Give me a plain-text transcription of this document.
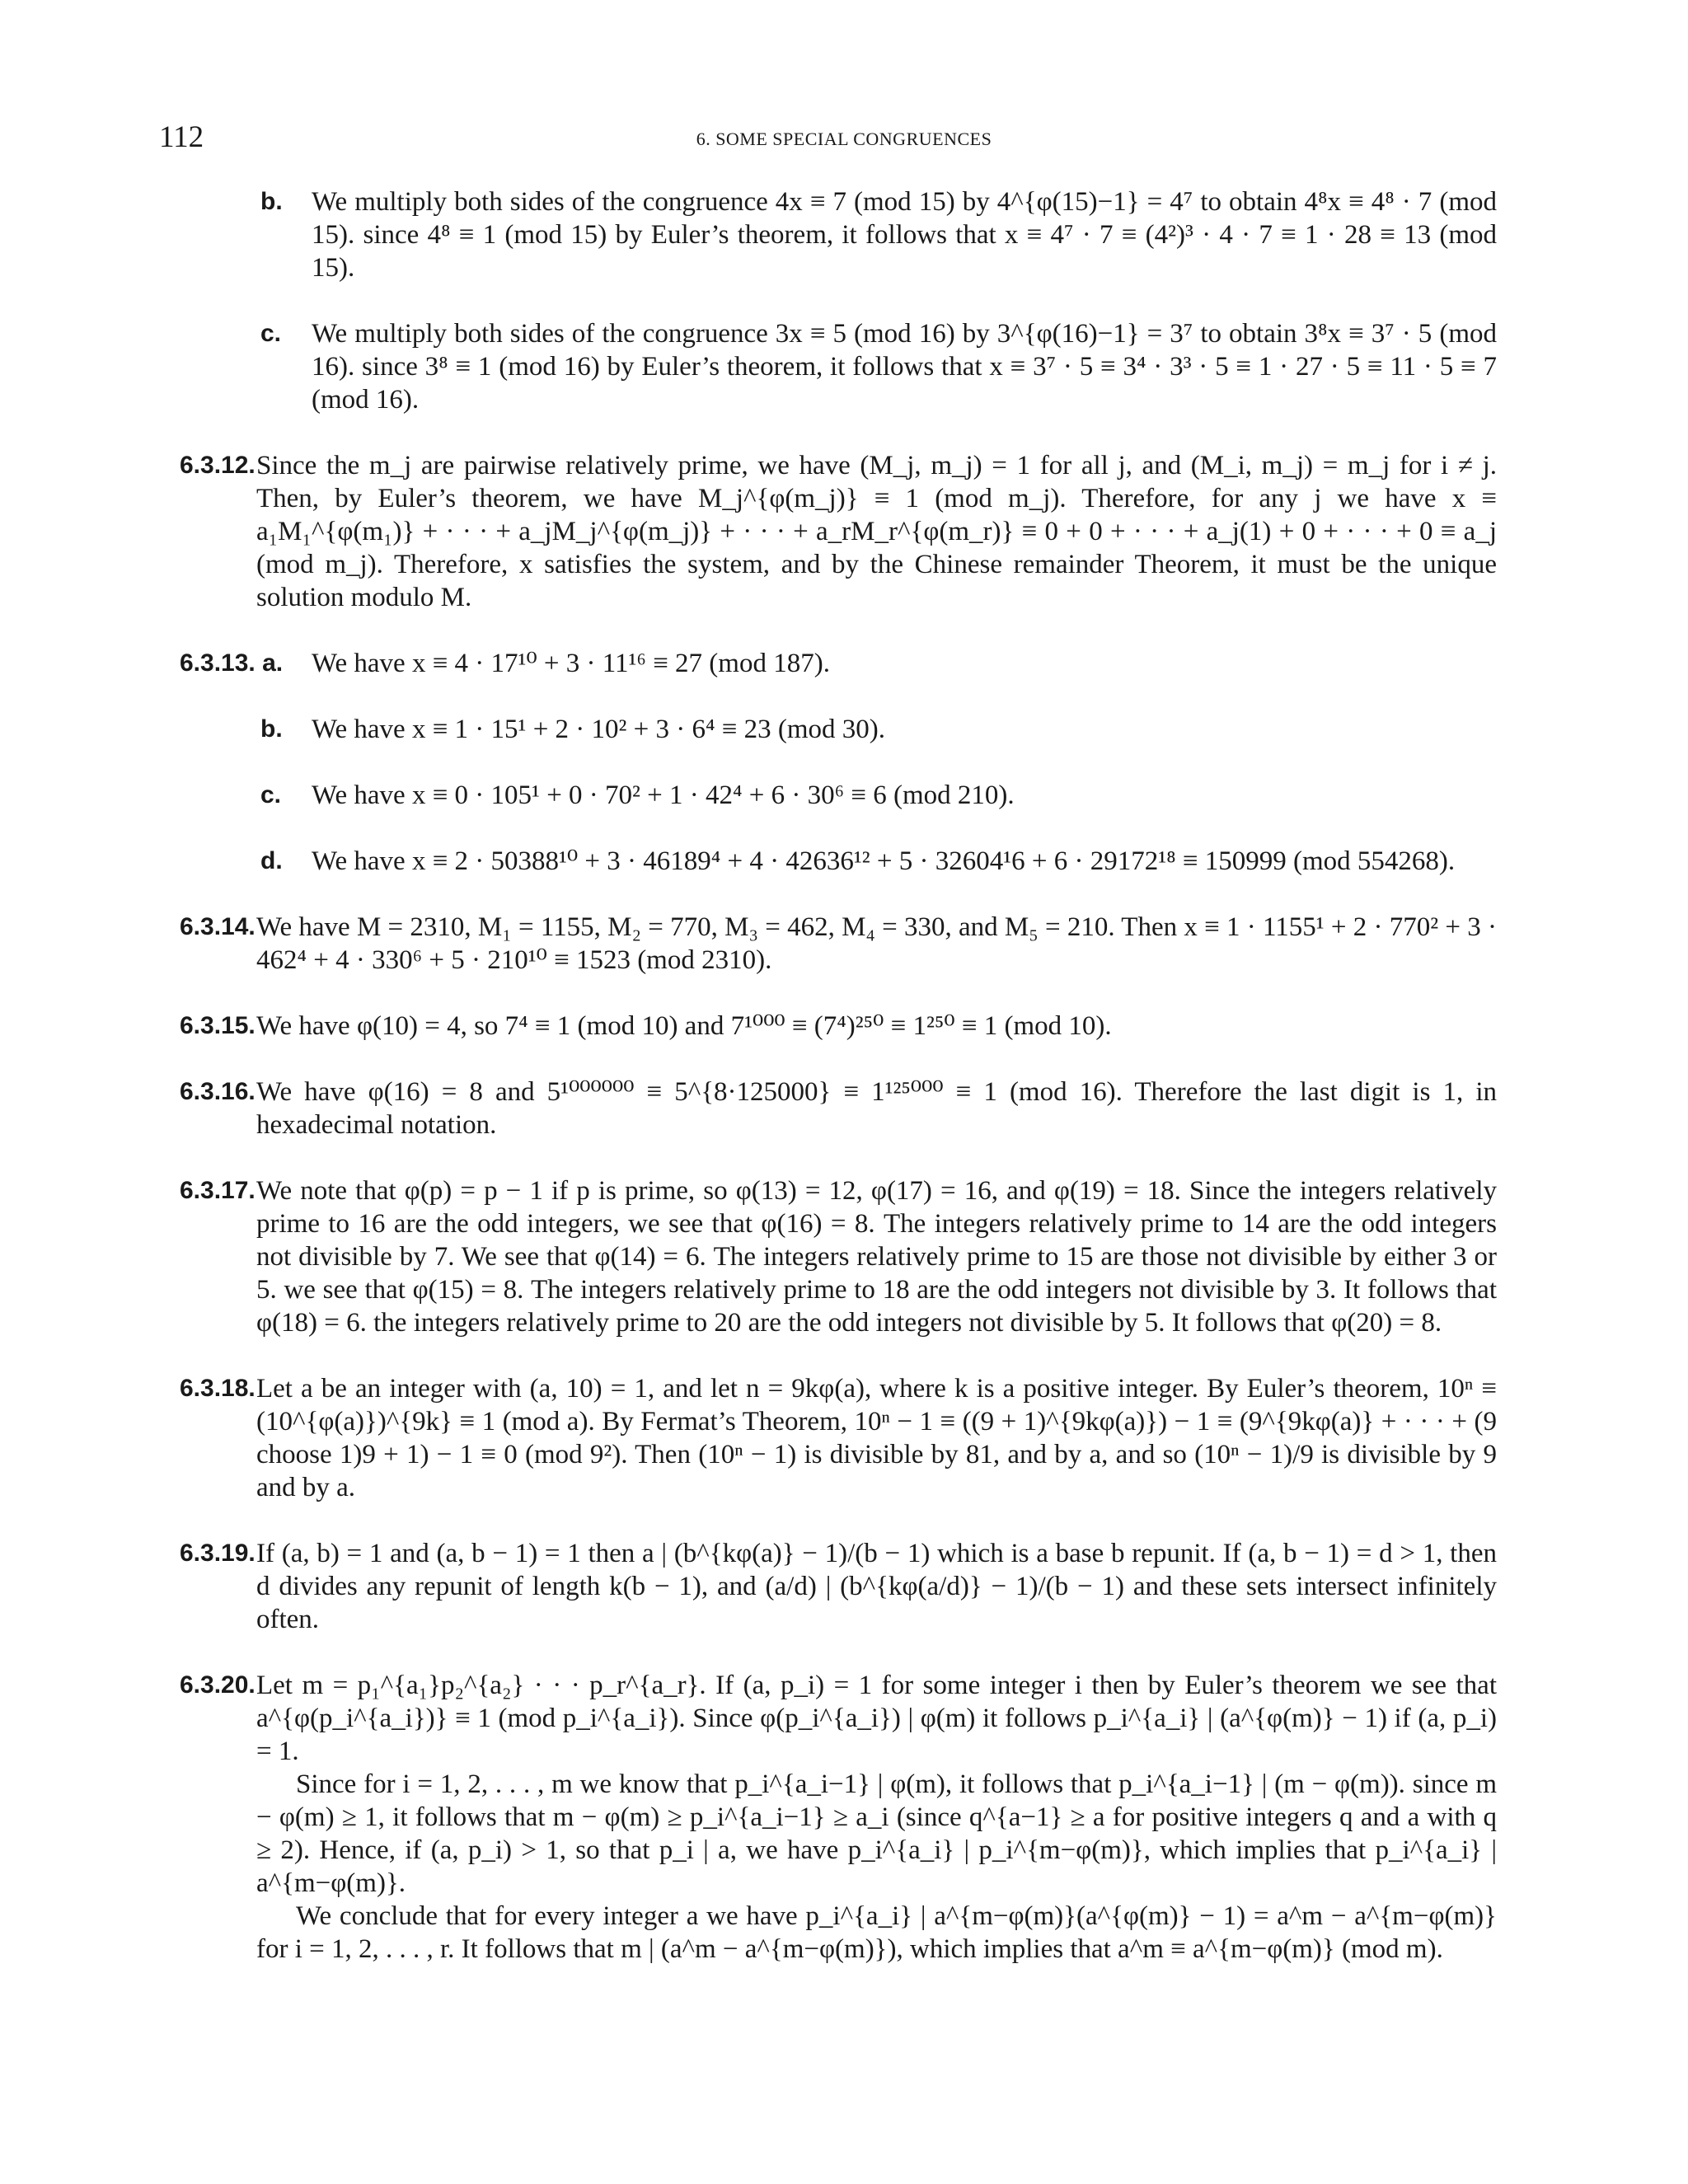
112	6. SOME SPECIAL CONGRUENCES
b. We multiply both sides of the congruence 4x ≡ 7 (mod 15) by 4^{φ(15)−1} = 4⁷ to obtain 4⁸x ≡ 4⁸ · 7 (mod 15). since 4⁸ ≡ 1 (mod 15) by Euler’s theorem, it follows that x ≡ 4⁷ · 7 ≡ (4²)³ · 4 · 7 ≡ 1 · 28 ≡ 13 (mod 15).
c. We multiply both sides of the congruence 3x ≡ 5 (mod 16) by 3^{φ(16)−1} = 3⁷ to obtain 3⁸x ≡ 3⁷ · 5 (mod 16). since 3⁸ ≡ 1 (mod 16) by Euler’s theorem, it follows that x ≡ 3⁷ · 5 ≡ 3⁴ · 3³ · 5 ≡ 1 · 27 · 5 ≡ 11 · 5 ≡ 7 (mod 16).
6.3.12. Since the m_j are pairwise relatively prime, we have (M_j, m_j) = 1 for all j, and (M_i, m_j) = m_j for i ≠ j. Then, by Euler’s theorem, we have M_j^{φ(m_j)} ≡ 1 (mod m_j). Therefore, for any j we have x ≡ a₁M₁^{φ(m₁)} + · · · + a_jM_j^{φ(m_j)} + · · · + a_rM_r^{φ(m_r)} ≡ 0 + 0 + · · · + a_j(1) + 0 + · · · + 0 ≡ a_j (mod m_j). Therefore, x satisfies the system, and by the Chinese remainder Theorem, it must be the unique solution modulo M.
6.3.13. a. We have x ≡ 4 · 17¹⁰ + 3 · 11¹⁶ ≡ 27 (mod 187).
b. We have x ≡ 1 · 15¹ + 2 · 10² + 3 · 6⁴ ≡ 23 (mod 30).
c. We have x ≡ 0 · 105¹ + 0 · 70² + 1 · 42⁴ + 6 · 30⁶ ≡ 6 (mod 210).
d. We have x ≡ 2 · 50388¹⁰ + 3 · 46189⁴ + 4 · 42636¹² + 5 · 32604¹6 + 6 · 29172¹⁸ ≡ 150999 (mod 554268).
6.3.14. We have M = 2310, M₁ = 1155, M₂ = 770, M₃ = 462, M₄ = 330, and M₅ = 210. Then x ≡ 1 · 1155¹ + 2 · 770² + 3 · 462⁴ + 4 · 330⁶ + 5 · 210¹⁰ ≡ 1523 (mod 2310).
6.3.15. We have φ(10) = 4, so 7⁴ ≡ 1 (mod 10) and 7¹⁰⁰⁰ ≡ (7⁴)²⁵⁰ ≡ 1²⁵⁰ ≡ 1 (mod 10).
6.3.16. We have φ(16) = 8 and 5¹⁰⁰⁰⁰⁰⁰ ≡ 5^{8·125000} ≡ 1¹²⁵⁰⁰⁰ ≡ 1 (mod 16). Therefore the last digit is 1, in hexadecimal notation.
6.3.17. We note that φ(p) = p − 1 if p is prime, so φ(13) = 12, φ(17) = 16, and φ(19) = 18. Since the integers relatively prime to 16 are the odd integers, we see that φ(16) = 8. The integers relatively prime to 14 are the odd integers not divisible by 7. We see that φ(14) = 6. The integers relatively prime to 15 are those not divisible by either 3 or 5. we see that φ(15) = 8. The integers relatively prime to 18 are the odd integers not divisible by 3. It follows that φ(18) = 6. the integers relatively prime to 20 are the odd integers not divisible by 5. It follows that φ(20) = 8.
6.3.18. Let a be an integer with (a, 10) = 1, and let n = 9kφ(a), where k is a positive integer. By Euler’s theorem, 10ⁿ ≡ (10^{φ(a)})^{9k} ≡ 1 (mod a). By Fermat’s Theorem, 10ⁿ − 1 ≡ ((9 + 1)^{9kφ(a)}) − 1 ≡ (9^{9kφ(a)} + · · · + (9 choose 1)9 + 1) − 1 ≡ 0 (mod 9²). Then (10ⁿ − 1) is divisible by 81, and by a, and so (10ⁿ − 1)/9 is divisible by 9 and by a.
6.3.19. If (a, b) = 1 and (a, b − 1) = 1 then a | (b^{kφ(a)} − 1)/(b − 1) which is a base b repunit. If (a, b − 1) = d > 1, then d divides any repunit of length k(b − 1), and (a/d) | (b^{kφ(a/d)} − 1)/(b − 1) and these sets intersect infinitely often.
6.3.20. Let m = p₁^{a₁}p₂^{a₂} · · · p_r^{a_r}. If (a, p_i) = 1 for some integer i then by Euler’s theorem we see that a^{φ(p_i^{a_i})} ≡ 1 (mod p_i^{a_i}). Since φ(p_i^{a_i}) | φ(m) it follows p_i^{a_i} | (a^{φ(m)} − 1) if (a, p_i) = 1.
Since for i = 1, 2, . . . , m we know that p_i^{a_i−1} | φ(m), it follows that p_i^{a_i−1} | (m − φ(m)). since m − φ(m) ≥ 1, it follows that m − φ(m) ≥ p_i^{a_i−1} ≥ a_i (since q^{a−1} ≥ a for positive integers q and a with q ≥ 2). Hence, if (a, p_i) > 1, so that p_i | a, we have p_i^{a_i} | p_i^{m−φ(m)}, which implies that p_i^{a_i} | a^{m−φ(m)}.
We conclude that for every integer a we have p_i^{a_i} | a^{m−φ(m)}(a^{φ(m)} − 1) = a^m − a^{m−φ(m)} for i = 1, 2, . . . , r. It follows that m | (a^m − a^{m−φ(m)}), which implies that a^m ≡ a^{m−φ(m)} (mod m).
